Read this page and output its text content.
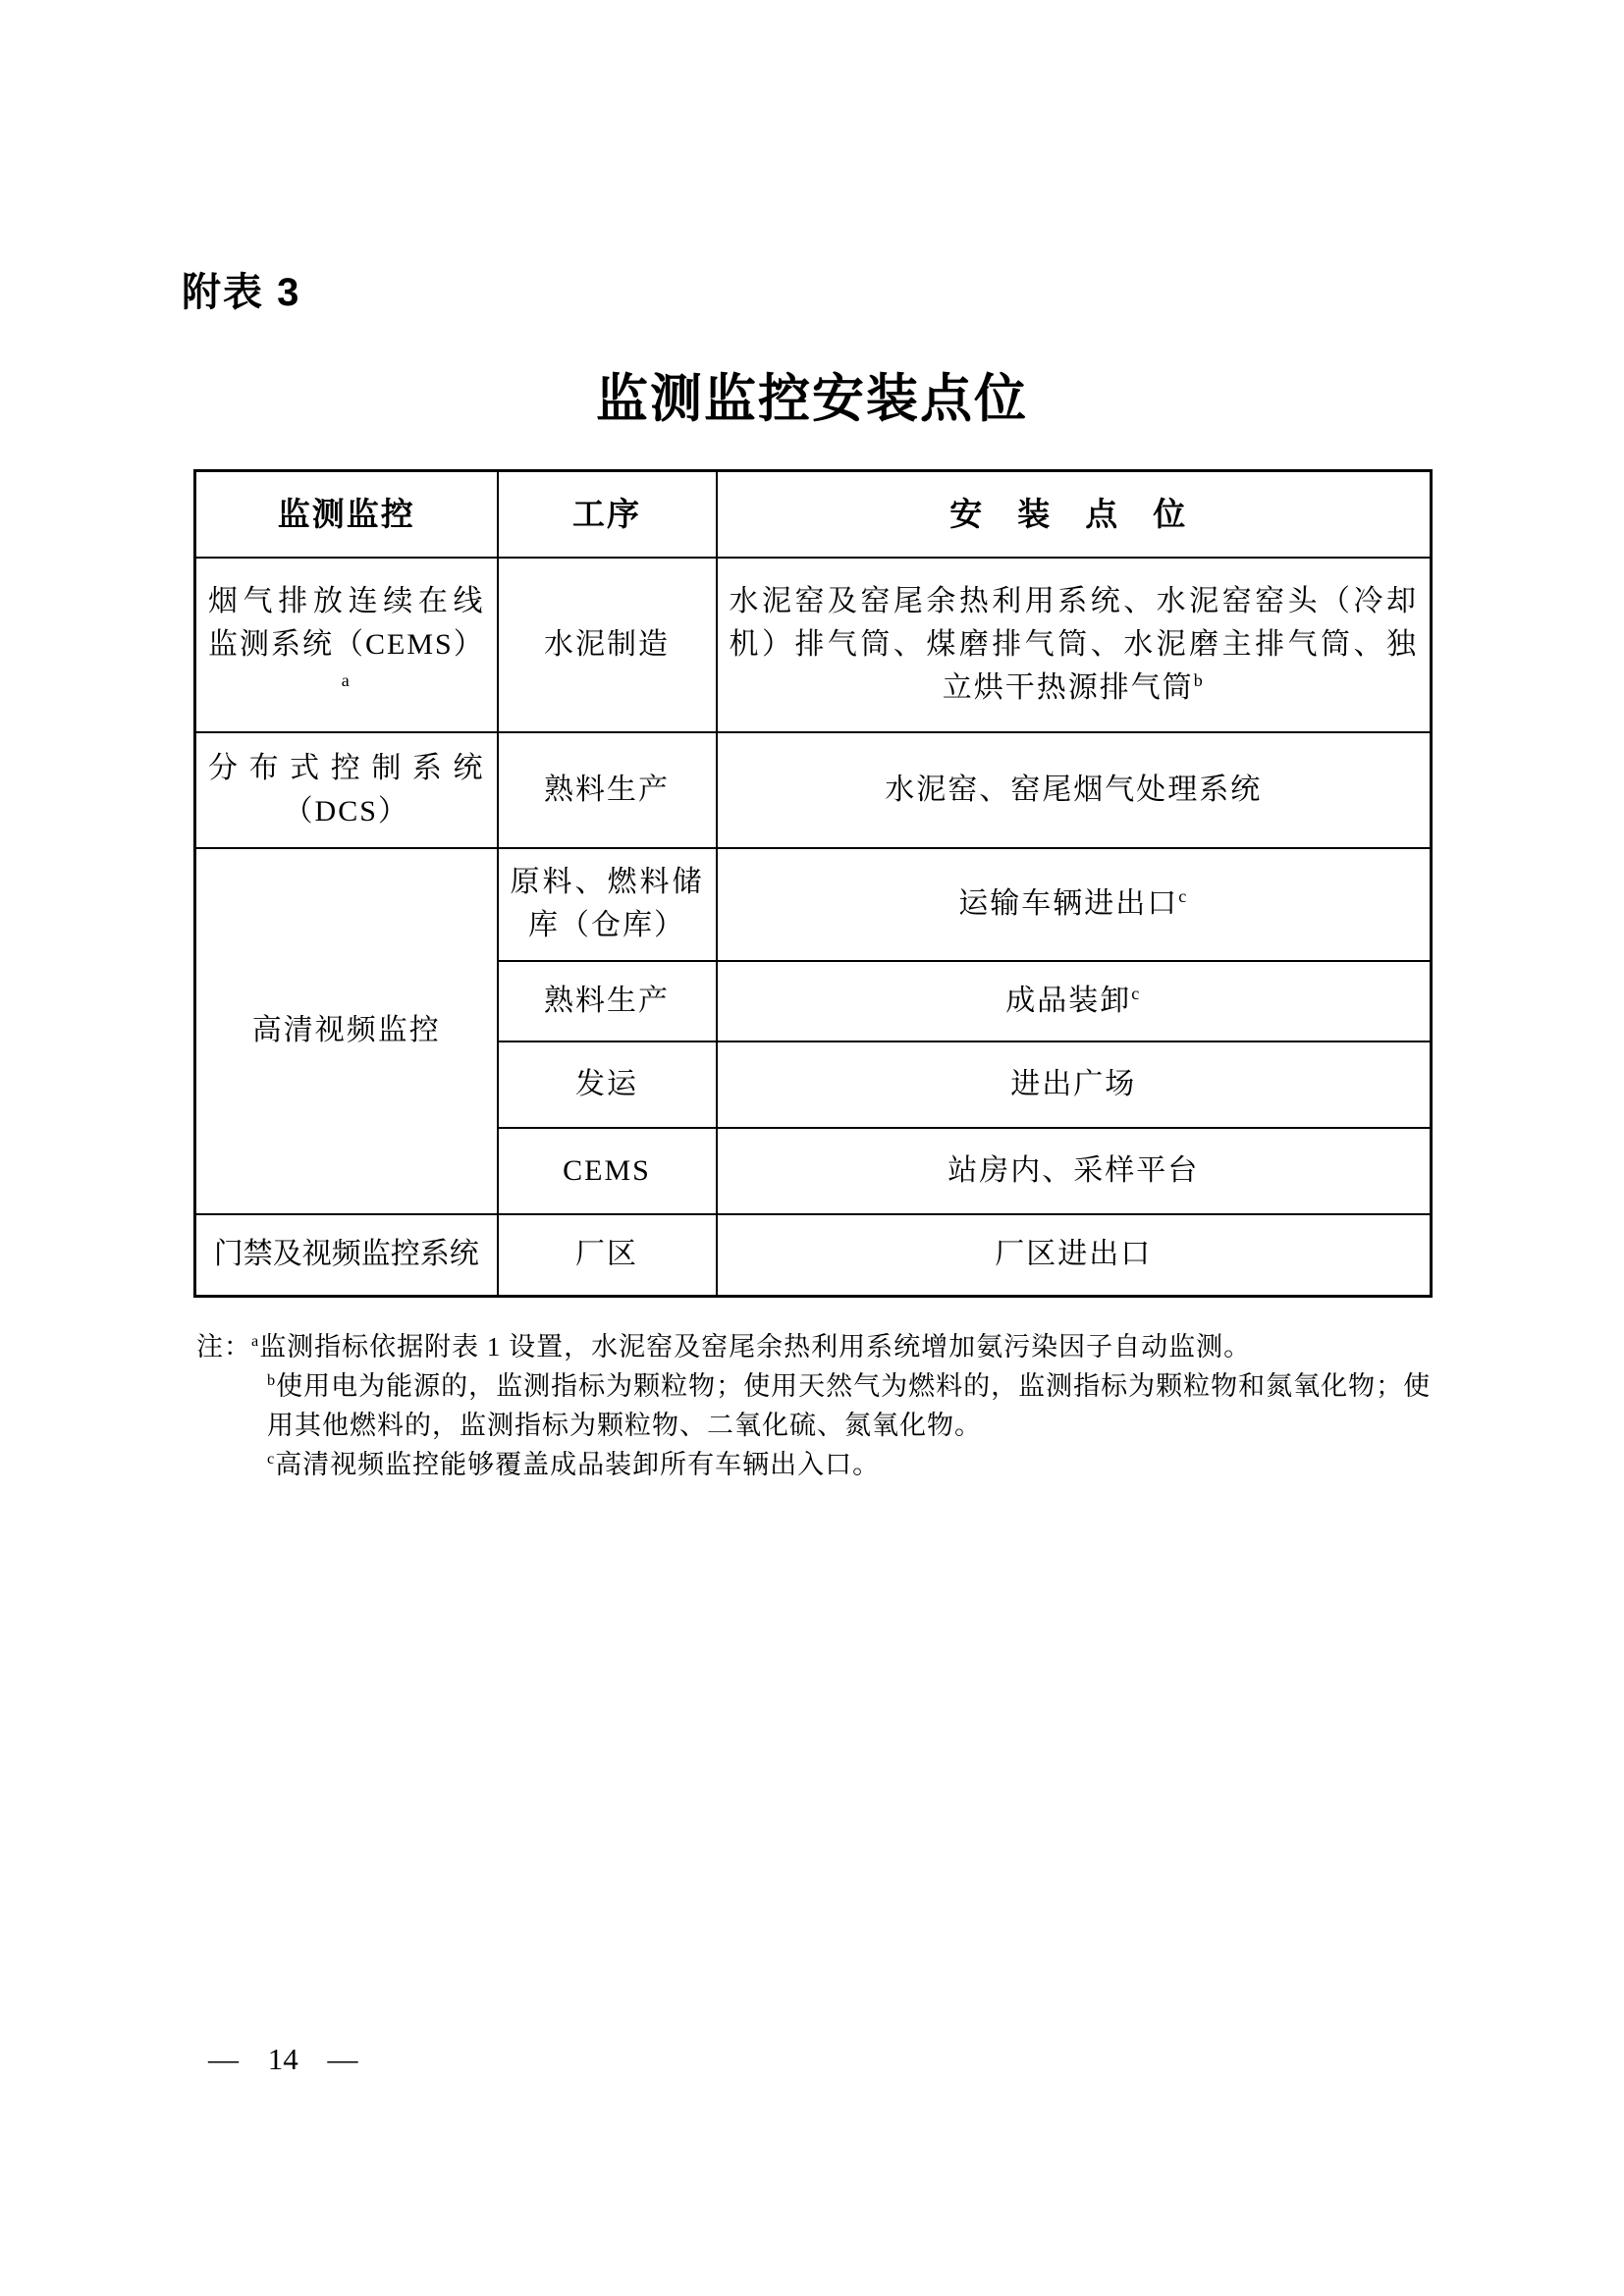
附表 3
监测监控安装点位
监测监控	工序	安装点位
烟气排放连续在线监测系统（CEMS）$^a$	水泥制造	水泥窑及窑尾余热利用系统、水泥窑窑头（冷却机）排气筒、煤磨排气筒、水泥磨主排气筒、独立烘干热源排气筒$^b$
分布式控制系统（DCS）	熟料生产	水泥窑、窑尾烟气处理系统
高清视频监控	原料、燃料储库（仓库）	运输车辆进出口$^c$
	熟料生产	成品装卸$^c$
	发运	进出广场
	CEMS	站房内、采样平台
门禁及视频监控系统	厂区	厂区进出口

注：$^a$监测指标依据附表 1 设置，水泥窑及窑尾余热利用系统增加氨污染因子自动监测。

$^b$使用电为能源的，监测指标为颗粒物；使用天然气为燃料的，监测指标为颗粒物和氮氧化物；使用其他燃料的，监测指标为颗粒物、二氧化硫、氮氧化物。

$^c$高清视频监控能够覆盖成品装卸所有车辆出入口。

— 14 —
